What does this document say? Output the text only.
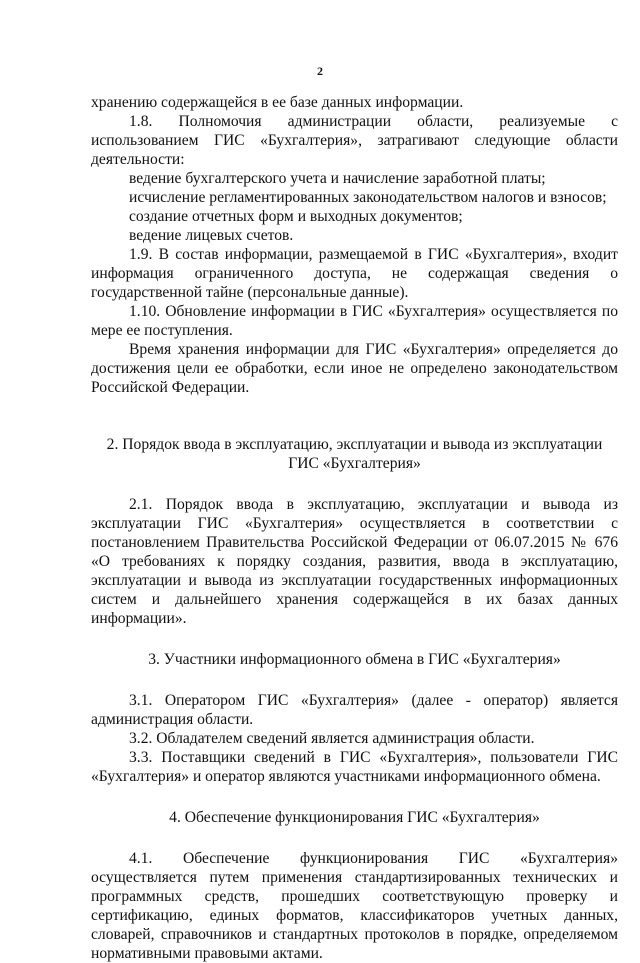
2

хранению содержащейся в ее базе данных информации.

1.8. Полномочия администрации области, реализуемые с использованием ГИС «Бухгалтерия», затрагивают следующие области деятельности:

ведение бухгалтерского учета и начисление заработной платы;

исчисление регламентированных законодательством налогов и взносов;

создание отчетных форм и выходных документов;

ведение лицевых счетов.

1.9. В состав информации, размещаемой в ГИС «Бухгалтерия», входит информация ограниченного доступа, не содержащая сведения о государственной тайне (персональные данные).

1.10. Обновление информации в ГИС «Бухгалтерия» осуществляется по мере ее поступления.

Время хранения информации для ГИС «Бухгалтерия» определяется до достижения цели ее обработки, если иное не определено законодательством Российской Федерации.

2. Порядок ввода в эксплуатацию, эксплуатации и вывода из эксплуатации

ГИС «Бухгалтерия»

2.1. Порядок ввода в эксплуатацию, эксплуатации и вывода из эксплуатации ГИС «Бухгалтерия» осуществляется в соответствии с постановлением Правительства Российской Федерации от 06.07.2015 № 676 «О требованиях к порядку создания, развития, ввода в эксплуатацию, эксплуатации и вывода из эксплуатации государственных информационных систем и дальнейшего хранения содержащейся в их базах данных информации».

3. Участники информационного обмена в ГИС «Бухгалтерия»

3.1. Оператором ГИС «Бухгалтерия» (далее - оператор) является администрация области.

3.2. Обладателем сведений является администрация области.

3.3. Поставщики сведений в ГИС «Бухгалтерия», пользователи ГИС «Бухгалтерия» и оператор являются участниками информационного обмена.

4. Обеспечение функционирования ГИС «Бухгалтерия»

4.1. Обеспечение функционирования ГИС «Бухгалтерия» осуществляется путем применения стандартизированных технических и программных средств, прошедших соответствующую проверку и сертификацию, единых форматов, классификаторов учетных данных, словарей, справочников и стандартных протоколов в порядке, определяемом нормативными правовыми актами.
